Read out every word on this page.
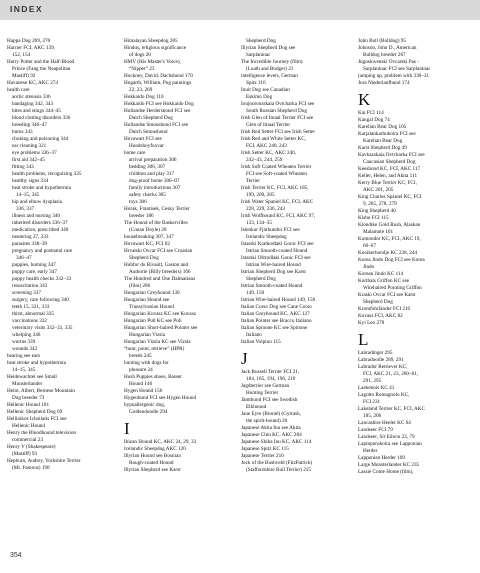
INDEX
Happa Dog 269, 270
Harrier FCI, AKC 139,
152, 154
Harry Potter and the Half-Blood
Prince (Fang the Neapolitan
Mastiff) 92
Havanese KC, AKC 274
health care
aortic stenosis 336
bandaging 342, 343
bites and stings 344–45
blood clotting disorders 336
breeding 346–47
burns 343
choking and poisoning 344
ear cleaning 321
eye problems 336–37
first aid 342–45
fitting 343
health problems, recognizing 335
healthy signs 334
heat stroke and hypothermia
14–15, 345
hip and elbow dysplasia
336, 337
illness and nursing 340
inherited disorders 336–37
medication, prescribed 340
neutering 37, 333
parasites 338–39
pregnancy and postnatal care
346–47
puppies, homing 347
puppy care, early 347
puppy health checks 332–33
resuscitation 343
screening 337
surgery, care following 340
teeth 15, 321, 333
thirst, abnormal 335
vaccinations 332
veterinary visits 332–33, 335
whelping 346
worms 339
wounds 342
hearing see ears
heat stroke and hypothermia
14–15, 345
Heidewachtel see Small
Munsterlander
Heim, Albert, Bernese Mountain
Dog breeder 73
Hellenic Hound 181
Hellenic Shepherd Dog 69
Hellinikos Ichnilatis FCI see
Hellenic Hound
Henry the Bloodhound television
commercial 23
Henry V (Shakespeare)
(Mastiff) 93
Hepburn, Audrey, Yorkshire Terrier
(Mr. Famous) 190
Himalayan Sheepdog 285
Hindus, religious significance
of dogs 20
HMV (His Master's Voice),
“Nipper” 23
Hockney, David, Dachshund 170
Hogarth, William, Pug paintings
22, 23, 269
Hokkaido Dog 110
Hokkaido FCI see Hokkaido Dog
Hollandse Herdershond FCI see
Dutch Shepherd Dog
Hollandse Smoushond FCI see
Dutch Smoushond
Hovawart FCI see
Hundshoyfoxvar
home care
arrival preparation 306
bedding 306, 307
children and play 317
dog-proof home 306–07
family introductions 307
safety checks 305
toys 306
Horak, Frantisek, Cesky Terrier
breeder 186
The Hound of the Baskervilles
(Conan Doyle) 20
housebreaking 307, 347
Hovawart KC, FCI 82
Hrvatski Ovcar FCI see Croatian
Shepherd Dog
Hubfor du Rivault, Gaston and
Authorie (Billy breeders) 166
The Hundred and One Dalmatians
(film) 286
Hungarian Greyhound 130
Hungarian Hound see
Transylvanian Hound
Hungarian Kuvasz KC see Kuvasz
Hungarian Puli KC see Puli
Hungarian Short-haired Pointer see
Hungarian Vizsla
Hungarian Vizsla KC see Vizsla
“hunt, point, retrieve” (HPR)
breeds 245
hunting with dogs for
pleasure 24
Hush Puppies shoes, Basset
Hound 146
Hygen Hound 156
Hygenhund FCI see Hygen Hound
hypoallergenic dog,
Goldendoodle 294
I
Ibizan Hound KC, AKC 24, 29, 33
Icelandic Sheepdog AKC 120
Illyrian Hound see Bosnian
Rough-coated Hound
Illyrian Shepherd see Karst
Shepherd Dog
Illyrian Shepherd Dog see
Sarplaninac
The Incredible Journey (film)
(Luath and Bodger) 21
intelligence levels, German
Spitz 116
Inuit Dog see Canadian
Eskimo Dog
Ioujnorousskaia Ovtcharka FCI see
South Russian Shepherd Dog
Irish Glen of Imaal Terrier FCI see
Glen of Imaal Terrier
Irish Red Setter FCI see Irish Setter
Irish Red and White Setter KC,
FCI, AKC 240, 243
Irish Setter KC, AKC 240,
242–43, 244, 259
Irish Soft Coated Wheaten Terrier
FCI see Soft-coated Wheaten
Terrier
Irish Terrier KC, FCI, AKC 185,
199, 200, 205
Irish Water Spaniel KC, FCI, AKC
228, 229, 236, 243
Irish Wolfhound KC, FCI, AKC 97,
133, 134–35
Islenkur Fjárhundur FCI see
Icelandic Sheepdog
Istarski Kratkodlaki Gonic FCI see
Istrian Smooth-coated Hound
Istarski Oštrodlaki Gonic FCI see
Istrian Wire-haired Hound
Istrian Shepherd Dog see Karst
Shepherd Dog
Istrian Smooth-coated Hound
149, 150
Istrian Wire-haired Hound 149, 150
Italian Corso Dog see Cane Corso
Italian Greyhound KC, AKC 127
Italian Pointer see Bracco Italiano
Italian Spinone KC see Spinone
Italiano
Italian Volpino 115
J
Jack Russell Terrier FCI 21,
184, 185, 194, 196, 210
Jagdterrier see German
Hunting Terrier
Jämthund FCI see Swedish
Elkhound
Jane Eyre (Brontë) (Gytrash,
the spirit-hound) 20
Japanese Akita Inu see Akita
Japanese Chin KC, AKC 284
Japanese Shiba Inu KC, AKC 114
Japanese Spitz KC 115
Japanese Terrier 210
Jock of the Bushveld (FitzPatrick)
(Staffordshire Bull Terrier) 215
John Bull (Bulldog) 95
Johnson, John D., American
Bulldog breeder 267
Jugoslovenski Ovcarski Pas -
Sarplaninac FCI see Sarplaninac
jumping up, problem with 330–31
Jura Niederlaufhund 174
K
Kai FCI 114
Kangal Dog 74
Karelian Bear Dog 105
Karjalankarhukoira FCI see
Karelian Bear Dog
Karst Shepherd Dog 49
Kavkazskaia Ovtcharka FCI see
Caucasian Shepherd Dog
Keeshond KC, FCI, AKC 117
Keller, Helen, and Akita 111
Kerry Blue Terrier KC, FCI,
AKC 201, 205
King Charles Spaniel KC, FCI
9, 265, 278, 279
King Shepherd 40
Kishu FCI 115
Klondike Gold Rush, Alaskan
Malamute 101
Komondor KC, FCI, AKC 19,
66–67
Kooikerhondje KC 238, 244
Korea Jindo Dog FCI see Korea
Jindo
Korean Jindo KC 114
Korthals Griffon KC see
Wirehaired Pointing Griffon
Kraski Ovcar FCI see Karst
Shepherd Dog
Kromfohrländer FCI 216
Kuvasz FCI, AKC 82
Kyi Leo 278
L
Labradinger 295
Labradoodle 289, 291
Labrador Retriever KC,
FCI, AKC 21, 23, 260–61,
291, 295
Laekenois KC 41
Lagotto Romagnolo KC,
FCI 231
Lakeland Terrier KC, FCI, AKC
185, 206
Lancashire Heeler KC 64
Landseer FCI 79
Landseer, Sir Edwin 23, 79
Lapinporokoira see Lapponian
Herder
Lapponian Herder 109
Large Munsterlander KC 235
Lassie Come Home (film),
354
